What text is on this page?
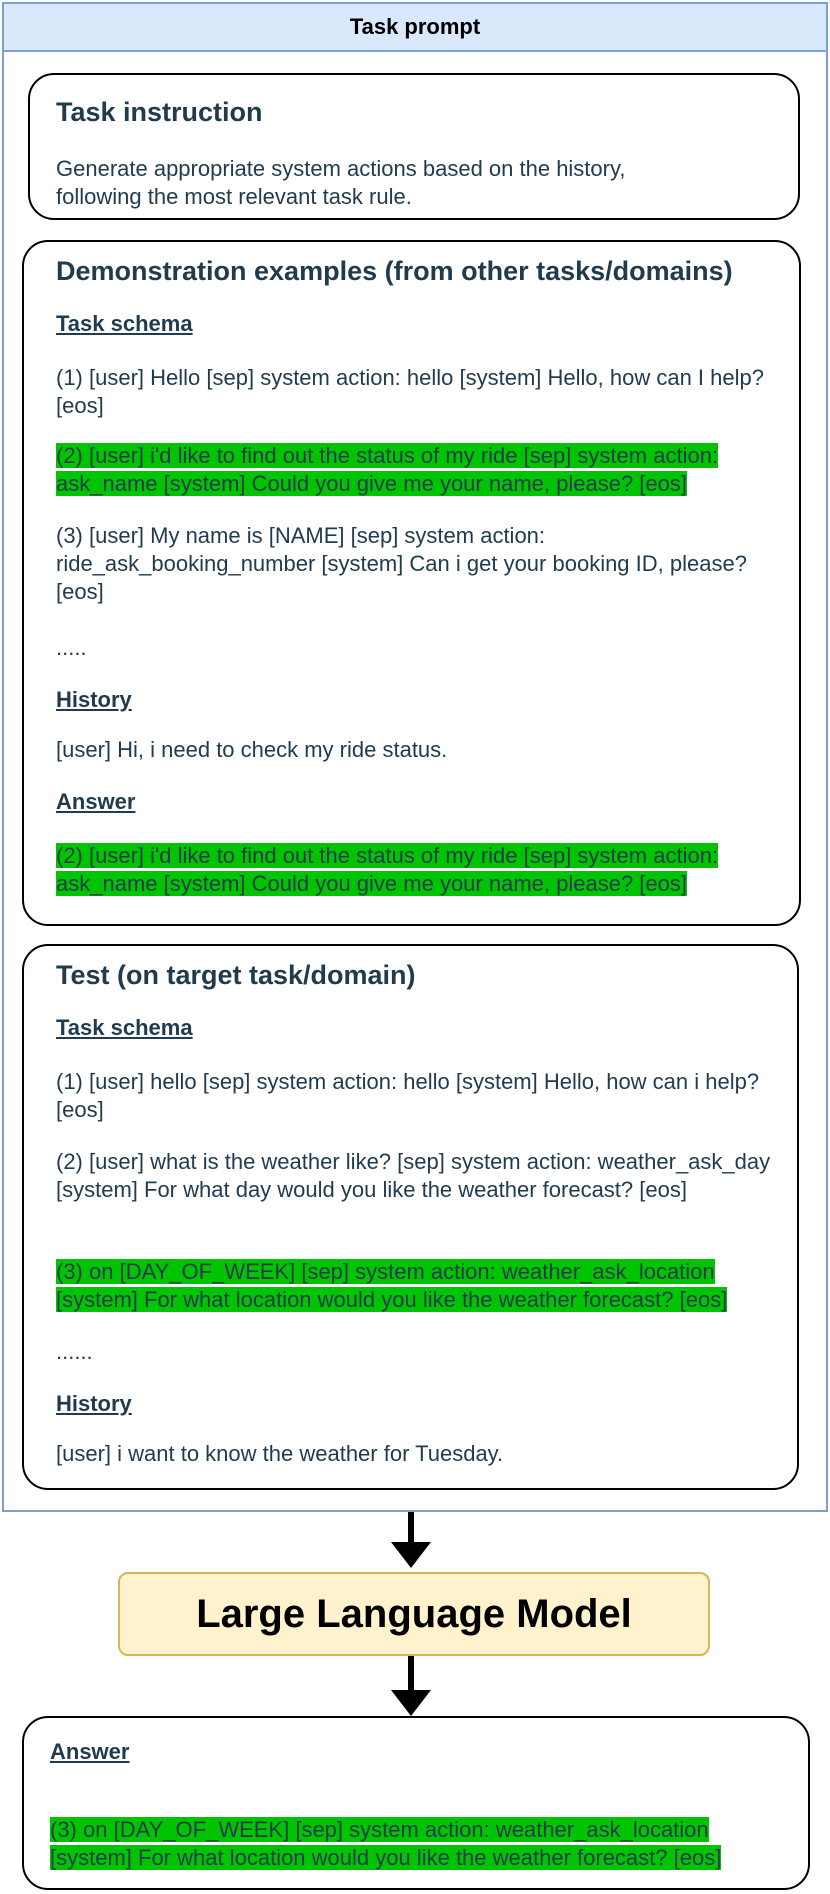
Task prompt
Task instruction
Generate appropriate system actions based on the history, following the most relevant task rule.
Demonstration examples (from other tasks/domains)
Task schema
(1) [user] Hello [sep] system action: hello [system] Hello, how can I help? [eos]
(2) [user] i'd like to find out the status of my ride [sep] system action: ask_name [system] Could you give me your name, please? [eos]
(3) [user] My name is [NAME] [sep] system action: ride_ask_booking_number [system] Can i get your booking ID, please? [eos]
.....
History
[user] Hi, i need to check my ride status.
Answer
(2) [user] i'd like to find out the status of my ride [sep] system action: ask_name [system] Could you give me your name, please? [eos]
Test (on target task/domain)
Task schema
(1) [user] hello [sep] system action: hello [system] Hello, how can i help? [eos]
(2) [user] what is the weather like? [sep] system action: weather_ask_day [system] For what day would you like the weather forecast? [eos]
(3) on [DAY_OF_WEEK] [sep] system action: weather_ask_location [system] For what location would you like the weather forecast? [eos]
......
History
[user] i want to know the weather for Tuesday.
Large Language Model
Answer
(3) on [DAY_OF_WEEK] [sep] system action: weather_ask_location [system] For what location would you like the weather forecast? [eos]
